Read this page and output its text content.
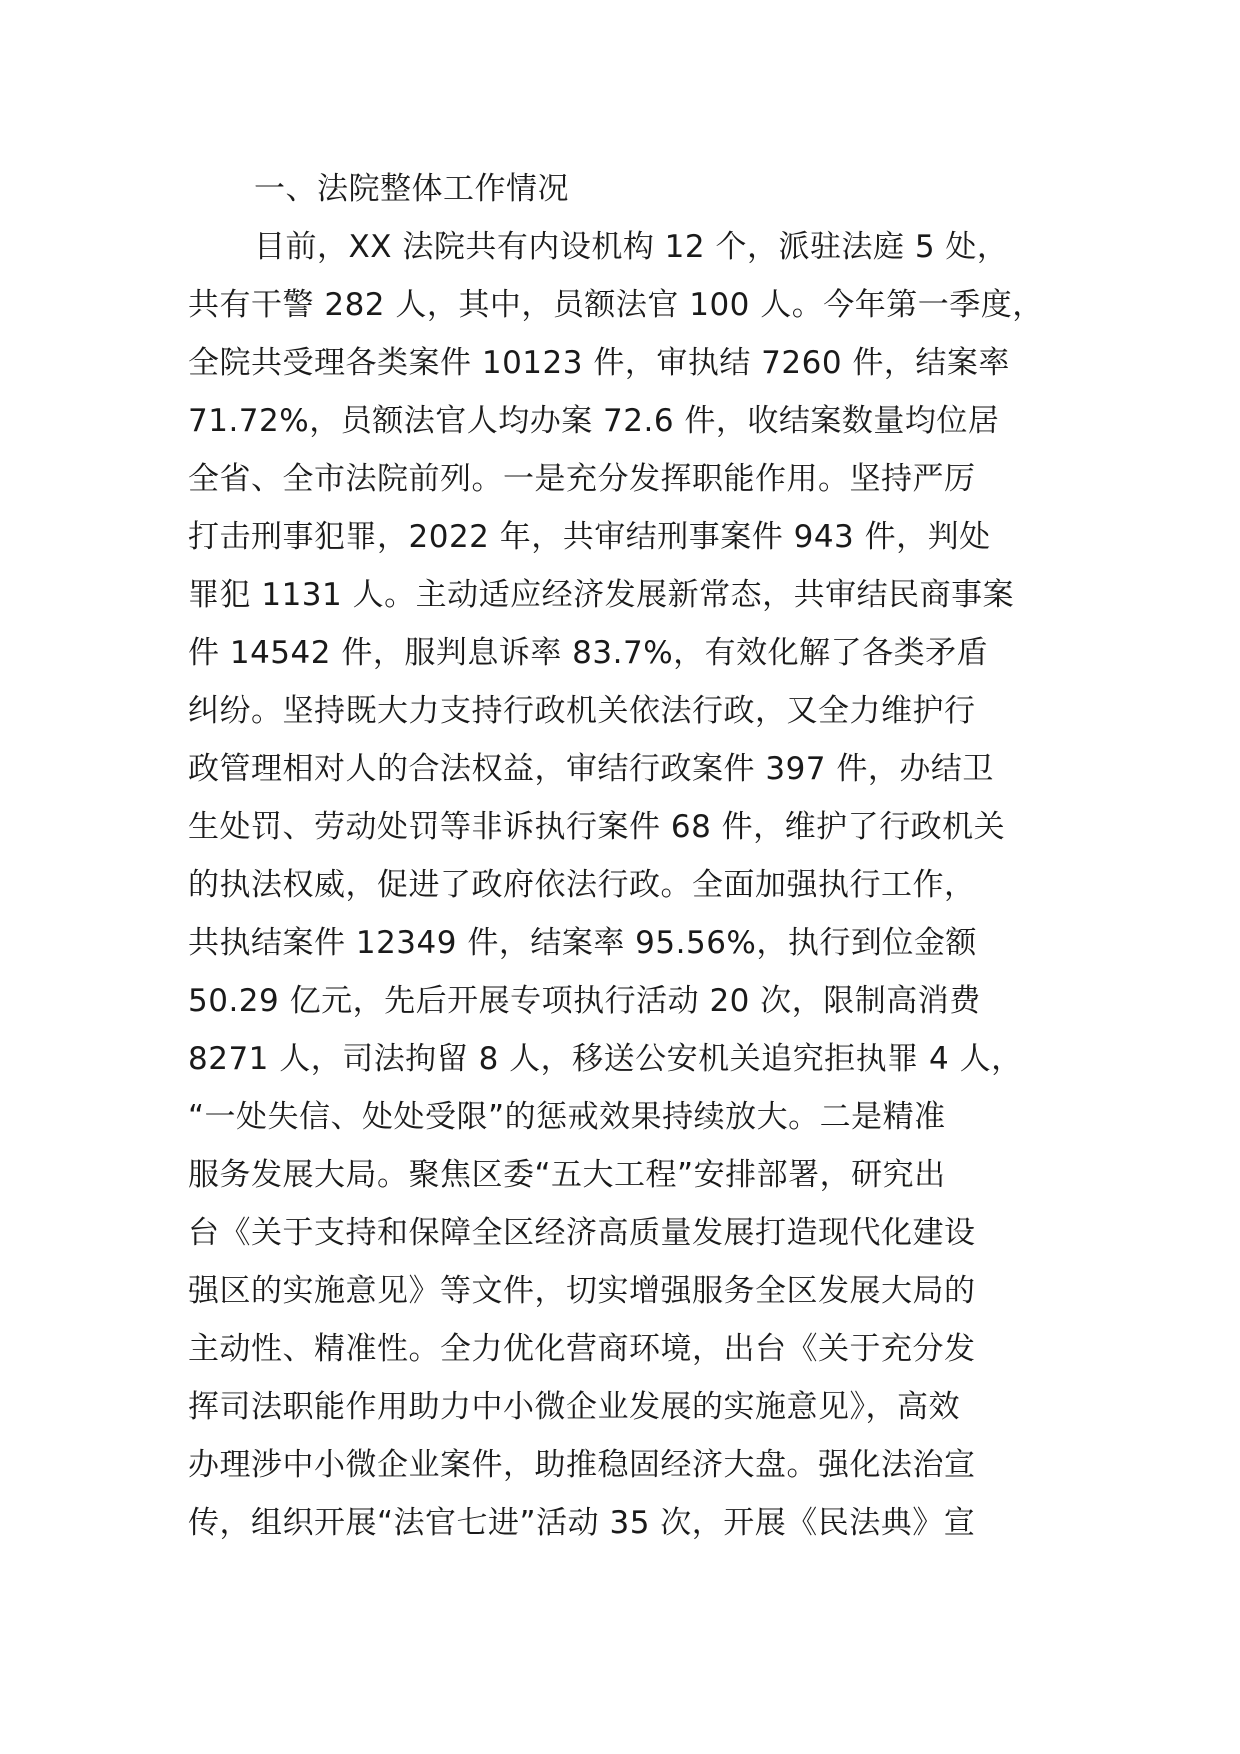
一、法院整体工作情况
目前，XX 法院共有内设机构 12 个，派驻法庭 5 处，
共有干警 282 人，其中，员额法官 100 人。今年第一季度，
全院共受理各类案件 10123 件，审执结 7260 件，结案率
71.72%，员额法官人均办案 72.6 件，收结案数量均位居
全省、全市法院前列。一是充分发挥职能作用。坚持严厉
打击刑事犯罪，2022 年，共审结刑事案件 943 件，判处
罪犯 1131 人。主动适应经济发展新常态，共审结民商事案
件 14542 件，服判息诉率 83.7%，有效化解了各类矛盾
纠纷。坚持既大力支持行政机关依法行政，又全力维护行
政管理相对人的合法权益，审结行政案件 397 件，办结卫
生处罚、劳动处罚等非诉执行案件 68 件，维护了行政机关
的执法权威，促进了政府依法行政。全面加强执行工作，
共执结案件 12349 件，结案率 95.56%，执行到位金额
50.29 亿元，先后开展专项执行活动 20 次，限制高消费
8271 人，司法拘留 8 人，移送公安机关追究拒执罪 4 人，
“一处失信、处处受限”的惩戒效果持续放大。二是精准
服务发展大局。聚焦区委“五大工程”安排部署，研究出
台《关于支持和保障全区经济高质量发展打造现代化建设
强区的实施意见》等文件，切实增强服务全区发展大局的
主动性、精准性。全力优化营商环境，出台《关于充分发
挥司法职能作用助力中小微企业发展的实施意见》，高效
办理涉中小微企业案件，助推稳固经济大盘。强化法治宣
传，组织开展“法官七进”活动 35 次，开展《民法典》宣
